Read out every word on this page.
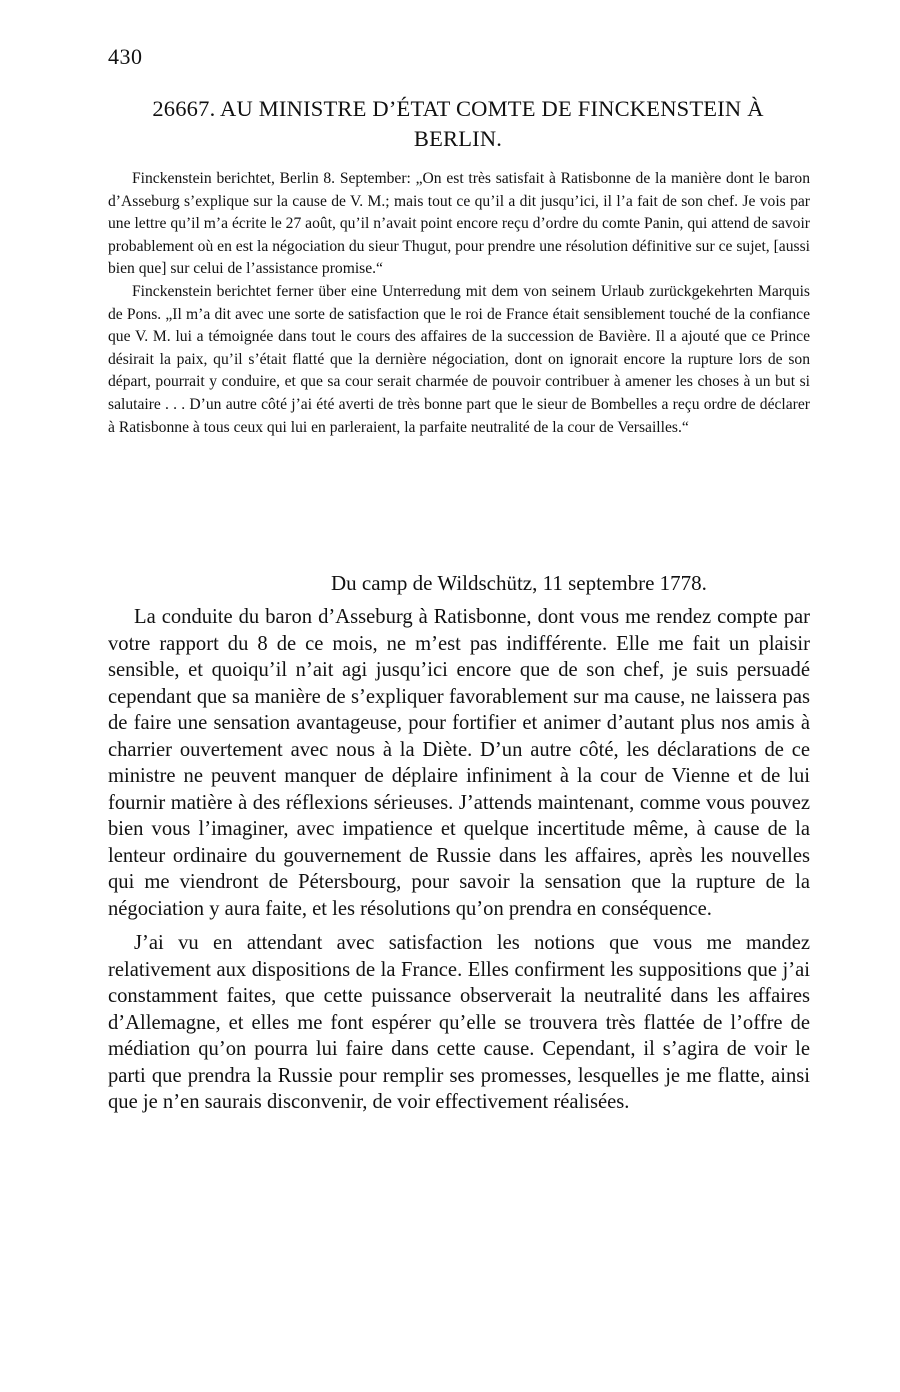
430
26667. AU MINISTRE D’ÉTAT COMTE DE FINCKENSTEIN À BERLIN.

Finckenstein berichtet, Berlin 8. September: „On est très satisfait à Ratisbonne de la manière dont le baron d’Asseburg s’explique sur la cause de V. M.; mais tout ce qu’il a dit jusqu’ici, il l’a fait de son chef. Je vois par une lettre qu’il m’a écrite le 27 août, qu’il n’avait point encore reçu d’ordre du comte Panin, qui attend de savoir probablement où en est la négociation du sieur Thugut, pour prendre une résolution définitive sur ce sujet, [aussi bien que] sur celui de l’assistance promise.“

Finckenstein berichtet ferner über eine Unterredung mit dem von seinem Urlaub zurückgekehrten Marquis de Pons. „Il m’a dit avec une sorte de satisfaction que le roi de France était sensiblement touché de la confiance que V. M. lui a témoignée dans tout le cours des affaires de la succession de Bavière. Il a ajouté que ce Prince désirait la paix, qu’il s’était flatté que la dernière négociation, dont on ignorait encore la rupture lors de son départ, pourrait y conduire, et que sa cour serait charmée de pouvoir contribuer à amener les choses à un but si salutaire . . . D’un autre côté j’ai été averti de très bonne part que le sieur de Bombelles a reçu ordre de déclarer à Ratisbonne à tous ceux qui lui en parleraient, la parfaite neutralité de la cour de Versailles.“

Du camp de Wildschütz, 11 septembre 1778.

La conduite du baron d’Asseburg à Ratisbonne, dont vous me rendez compte par votre rapport du 8 de ce mois, ne m’est pas indifférente. Elle me fait un plaisir sensible, et quoiqu’il n’ait agi jusqu’ici encore que de son chef, je suis persuadé cependant que sa manière de s’expliquer favorablement sur ma cause, ne laissera pas de faire une sensation avantageuse, pour fortifier et animer d’autant plus nos amis à charrier ouvertement avec nous à la Diète. D’un autre côté, les déclarations de ce ministre ne peuvent manquer de déplaire infiniment à la cour de Vienne et de lui fournir matière à des réflexions sérieuses. J’attends maintenant, comme vous pouvez bien vous l’imaginer, avec impatience et quelque incertitude même, à cause de la lenteur ordinaire du gouvernement de Russie dans les affaires, après les nouvelles qui me viendront de Pétersbourg, pour savoir la sensation que la rupture de la négociation y aura faite, et les résolutions qu’on prendra en conséquence.

J’ai vu en attendant avec satisfaction les notions que vous me mandez relativement aux dispositions de la France. Elles confirment les suppositions que j’ai constamment faites, que cette puissance observerait la neutralité dans les affaires d’Allemagne, et elles me font espérer qu’elle se trouvera très flattée de l’offre de médiation qu’on pourra lui faire dans cette cause. Cependant, il s’agira de voir le parti que prendra la Russie pour remplir ses promesses, lesquelles je me flatte, ainsi que je n’en saurais disconvenir, de voir effectivement réalisées.
